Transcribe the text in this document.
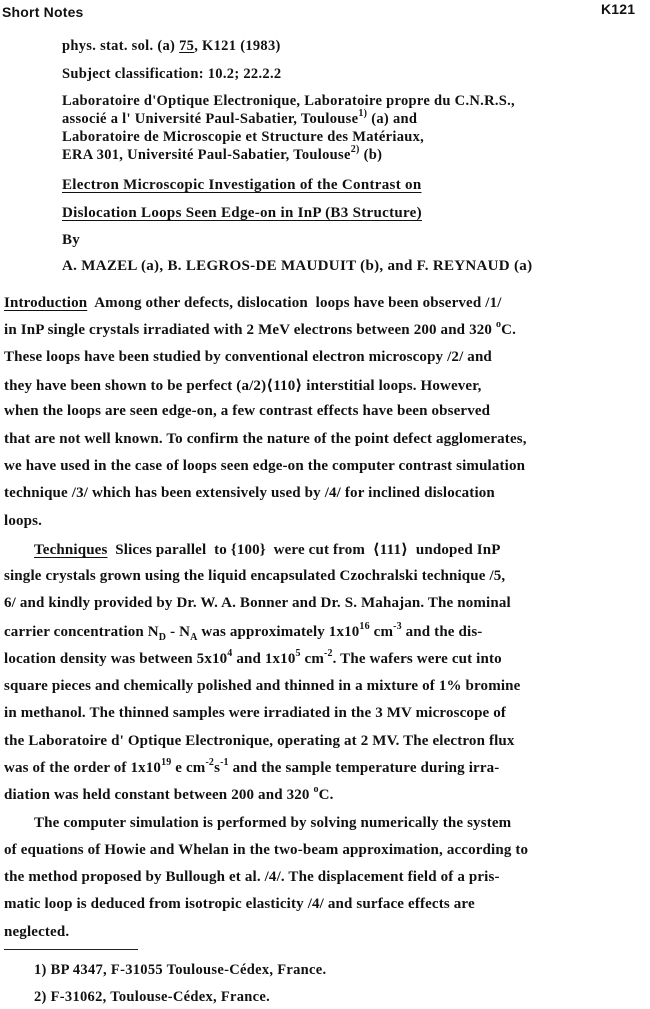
Short Notes	K121
phys. stat. sol. (a) 75, K121 (1983)
Subject classification: 10.2; 22.2.2
Laboratoire d'Optique Electronique, Laboratoire propre du C.N.R.S.,
associé a l' Université Paul-Sabatier, Toulouse$^{1)}$ (a) and
Laboratoire de Microscopie et Structure des Matériaux,
ERA 301, Université Paul-Sabatier, Toulouse$^{2)}$ (b)
Electron Microscopic Investigation of the Contrast on
Dislocation Loops Seen Edge-on in InP (B3 Structure)
By
A. MAZEL (a), B. LEGROS-DE MAUDUIT (b), and F. REYNAUD (a)
Introduction  Among other defects, dislocation  loops have been observed /1/
in InP single crystals irradiated with 2 MeV electrons between 200 and 320 $^o$C.
These loops have been studied by conventional electron microscopy /2/ and
they have been shown to be perfect (a/2)⟨110⟩ interstitial loops. However,
when the loops are seen edge-on, a few contrast effects have been observed
that are not well known. To confirm the nature of the point defect agglomerates,
we have used in the case of loops seen edge-on the computer contrast simulation
technique /3/ which has been extensively used by /4/ for inclined dislocation
loops.
Techniques  Slices parallel  to {100}  were cut from  ⟨111⟩  undoped InP
single crystals grown using the liquid encapsulated Czochralski technique /5,
6/ and kindly provided by Dr. W. A. Bonner and Dr. S. Mahajan. The nominal
carrier concentration $N_D - N_A$ was approximately $1x10^{16}$ $cm^{-3}$ and the dis-
location density was between $5x10^4$ and $1x10^5$ $cm^{-2}$. The wafers were cut into
square pieces and chemically polished and thinned in a mixture of 1% bromine
in methanol. The thinned samples were irradiated in the 3 MV microscope of
the Laboratoire d' Optique Electronique, operating at 2 MV. The electron flux
was of the order of $1x10^{19}$ e $cm^{-2}s^{-1}$ and the sample temperature during irra-
diation was held constant between 200 and 320 $^o$C.
The computer simulation is performed by solving numerically the system
of equations of Howie and Whelan in the two-beam approximation, according to
the method proposed by Bullough et al. /4/. The displacement field of a pris-
matic loop is deduced from isotropic elasticity /4/ and surface effects are
neglected.
1) BP 4347, F-31055 Toulouse-Cédex, France.
2) F-31062, Toulouse-Cédex, France.
